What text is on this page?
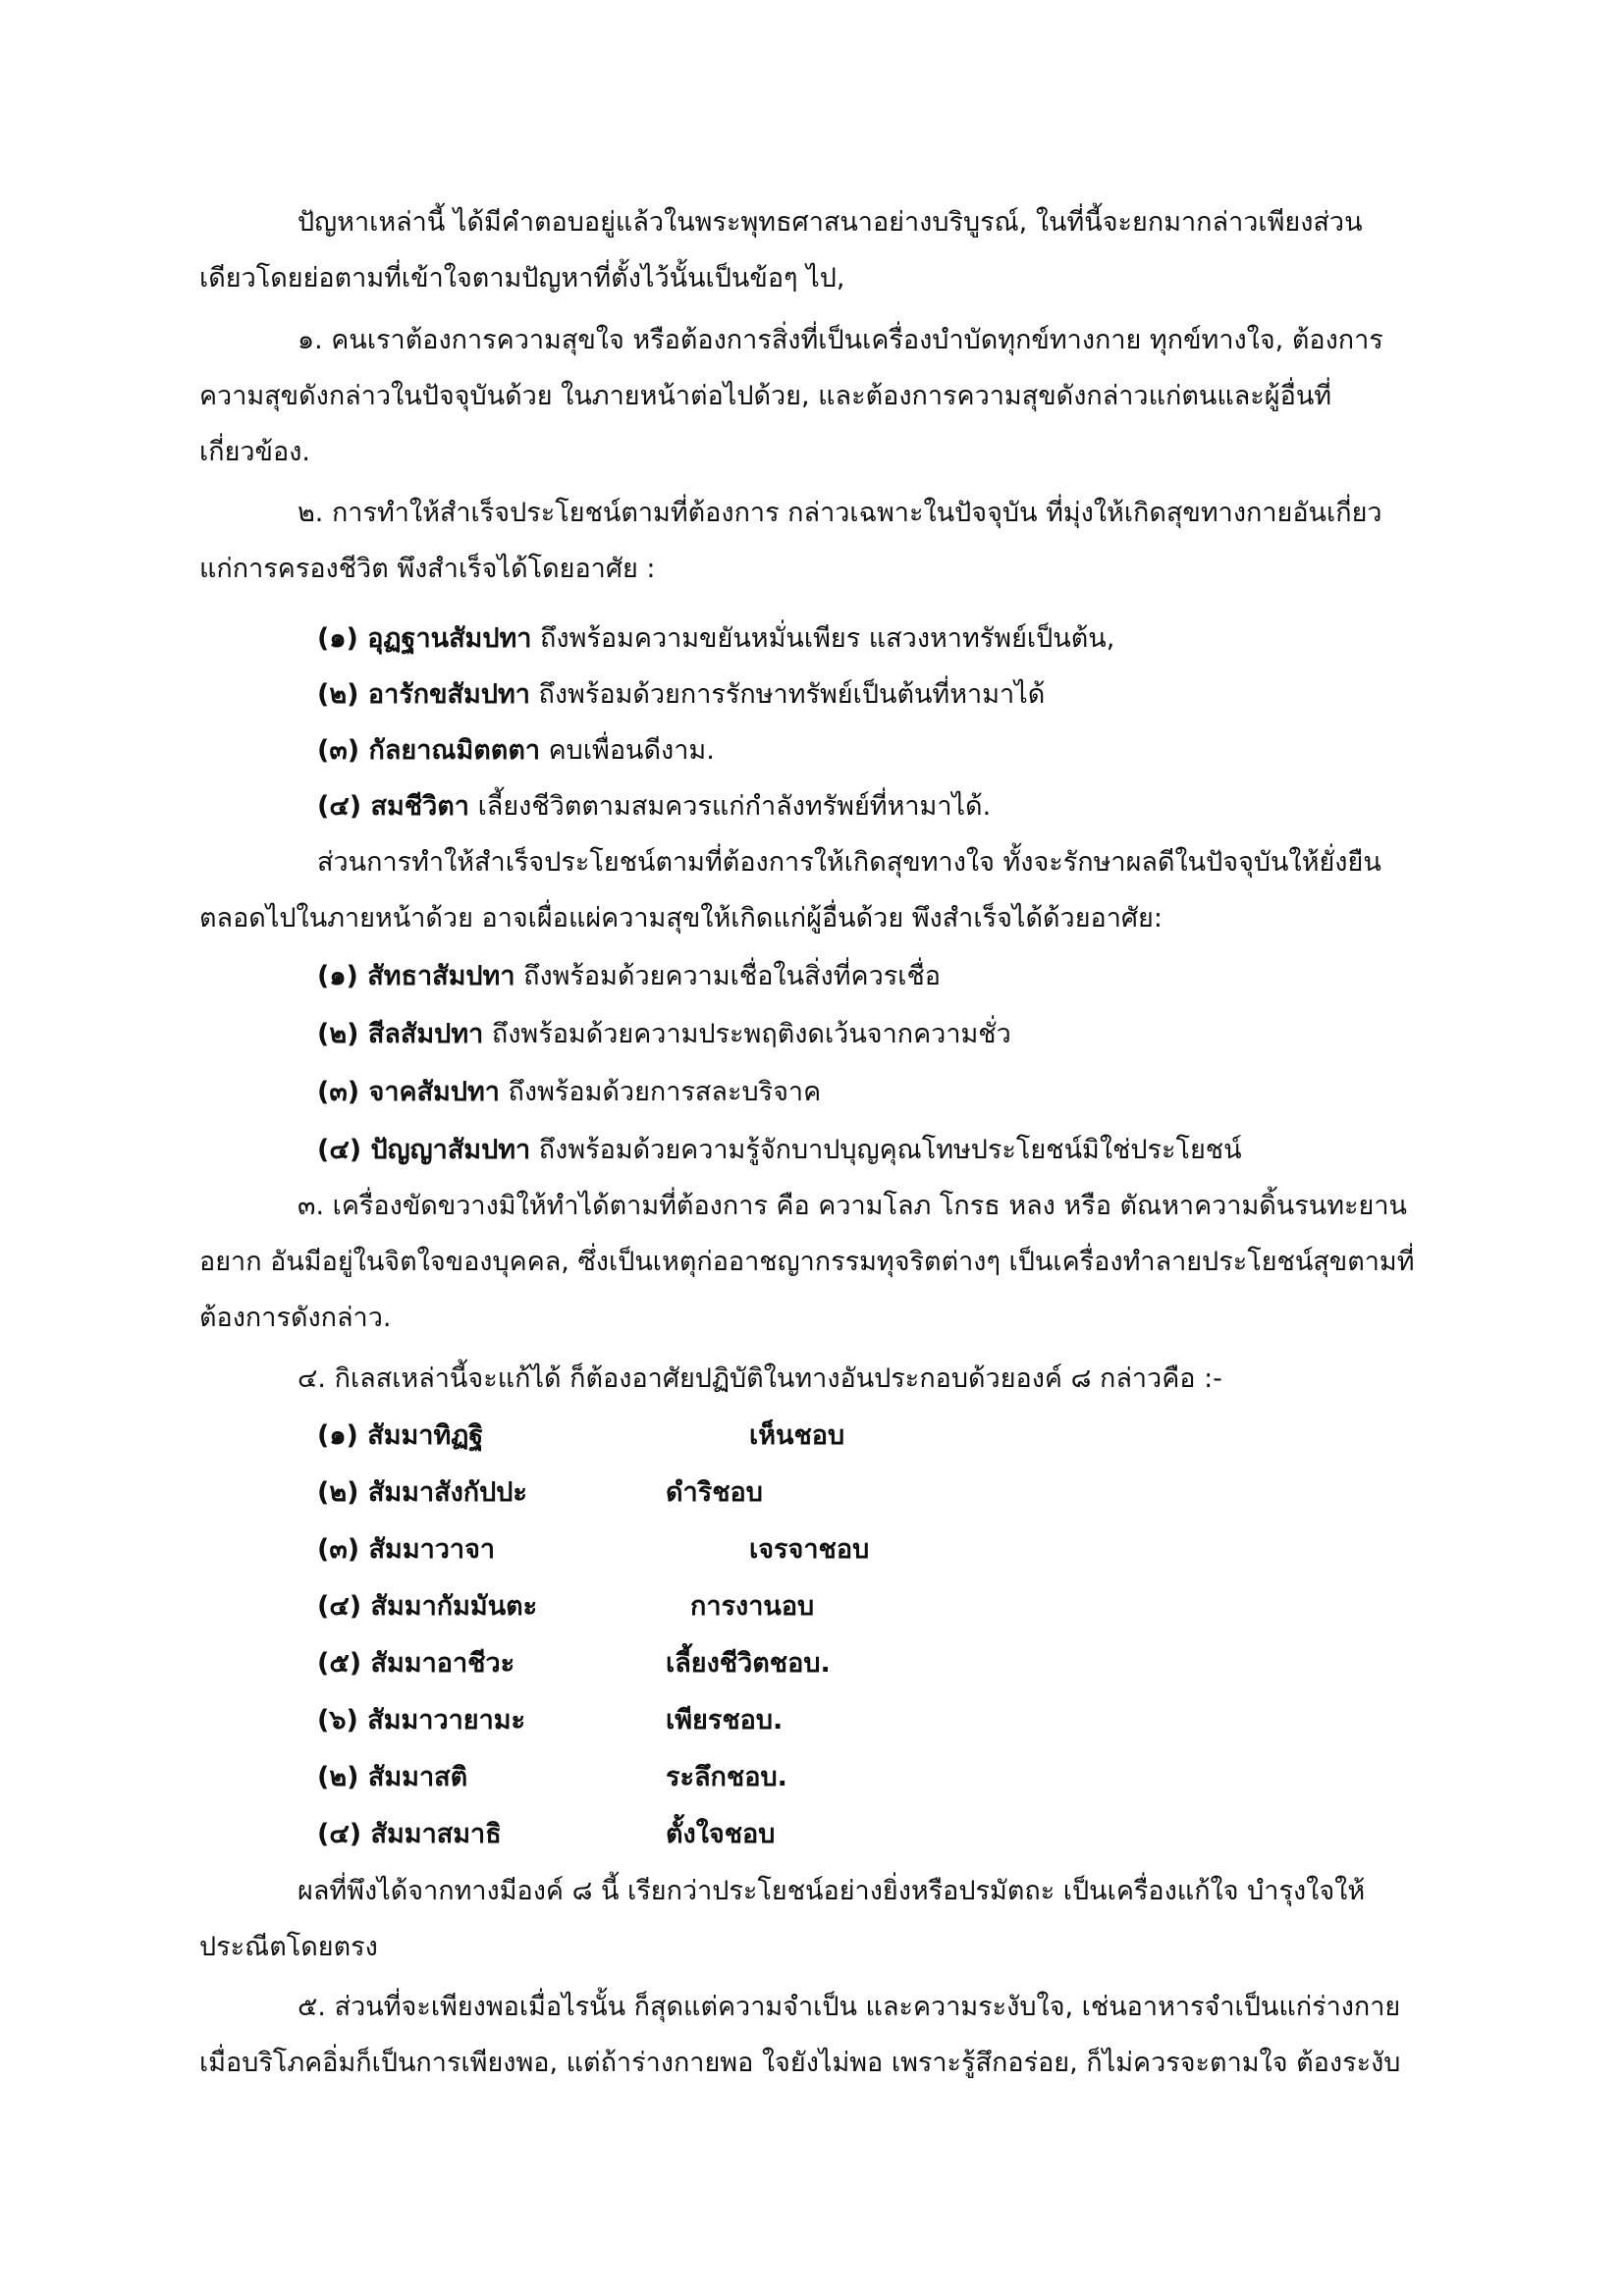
ปัญหาเหล่านี้ ได้มีคำตอบอยู่แล้วในพระพุทธศาสนาอย่างบริบูรณ์, ในที่นี้จะยกมากล่าวเพียงส่วน
เดียวโดยย่อตามที่เข้าใจตามปัญหาที่ตั้งไว้นั้นเป็นข้อๆ ไป,

๑. คนเราต้องการความสุขใจ หรือต้องการสิ่งที่เป็นเครื่องบำบัดทุกข์ทางกาย ทุกข์ทางใจ, ต้องการ
ความสุขดังกล่าวในปัจจุบันด้วย ในภายหน้าต่อไปด้วย, และต้องการความสุขดังกล่าวแก่ตนและผู้อื่นที่
เกี่ยวข้อง.

๒. การทำให้สำเร็จประโยชน์ตามที่ต้องการ กล่าวเฉพาะในปัจจุบัน ที่มุ่งให้เกิดสุขทางกายอันเกี่ยว
แก่การครองชีวิต พึงสำเร็จได้โดยอาศัย :

(๑) อุฏฐานสัมปทา ถึงพร้อมความขยันหมั่นเพียร แสวงหาทรัพย์เป็นต้น,

(๒) อารักขสัมปทา ถึงพร้อมด้วยการรักษาทรัพย์เป็นต้นที่หามาได้

(๓) กัลยาณมิตตตา คบเพื่อนดีงาม.

(๔) สมชีวิตา เลี้ยงชีวิตตามสมควรแก่กำลังทรัพย์ที่หามาได้.

ส่วนการทำให้สำเร็จประโยชน์ตามที่ต้องการให้เกิดสุขทางใจ ทั้งจะรักษาผลดีในปัจจุบันให้ยั่งยืน
ตลอดไปในภายหน้าด้วย อาจเผื่อแผ่ความสุขให้เกิดแก่ผู้อื่นด้วย พึงสำเร็จได้ด้วยอาศัย:

(๑) สัทธาสัมปทา ถึงพร้อมด้วยความเชื่อในสิ่งที่ควรเชื่อ

(๒) สีลสัมปทา ถึงพร้อมด้วยความประพฤติงดเว้นจากความชั่ว

(๓) จาคสัมปทา ถึงพร้อมด้วยการสละบริจาค

(๔) ปัญญาสัมปทา ถึงพร้อมด้วยความรู้จักบาปบุญคุณโทษประโยชน์มิใช่ประโยชน์

๓. เครื่องขัดขวางมิให้ทำได้ตามที่ต้องการ คือ ความโลภ โกรธ หลง หรือ ตัณหาความดิ้นรนทะยาน
อยาก อันมีอยู่ในจิตใจของบุคคล, ซึ่งเป็นเหตุก่ออาชญากรรมทุจริตต่างๆ เป็นเครื่องทำลายประโยชน์สุขตามที่
ต้องการดังกล่าว.

๔. กิเลสเหล่านี้จะแก้ได้ ก็ต้องอาศัยปฏิบัติในทางอันประกอบด้วยองค์ ๘ กล่าวคือ :-

(๑) สัมมาทิฏฐิ	เห็นชอบ
(๒) สัมมาสังกัปปะ	ดำริชอบ
(๓) สัมมาวาจา	เจรจาชอบ
(๔) สัมมากัมมันตะ	การงานอบ
(๕) สัมมาอาชีวะ	เลี้ยงชีวิตชอบ.
(๖) สัมมาวายามะ	เพียรชอบ.
(๒) สัมมาสติ	ระลึกชอบ.
(๔) สัมมาสมาธิ	ตั้งใจชอบ

ผลที่พึงได้จากทางมีองค์ ๘ นี้ เรียกว่าประโยชน์อย่างยิ่งหรือปรมัตถะ เป็นเครื่องแก้ใจ บำรุงใจให้
ประณีตโดยตรง

๕. ส่วนที่จะเพียงพอเมื่อไรนั้น ก็สุดแต่ความจำเป็น และความระงับใจ, เช่นอาหารจำเป็นแก่ร่างกาย
เมื่อบริโภคอิ่มก็เป็นการเพียงพอ, แต่ถ้าร่างกายพอ ใจยังไม่พอ เพราะรู้สึกอร่อย, ก็ไม่ควรจะตามใจ ต้องระงับ
